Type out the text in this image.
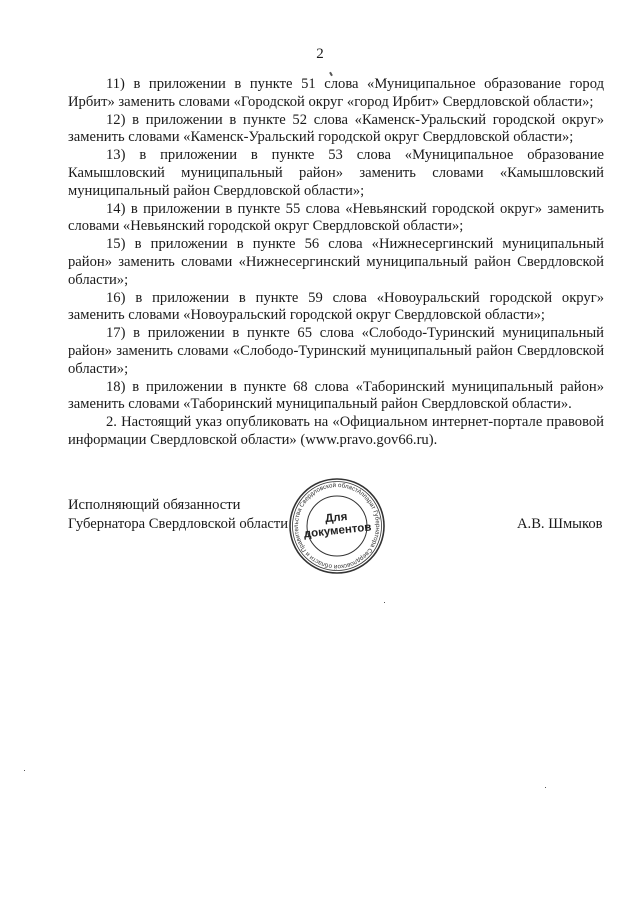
2

11) в приложении в пункте 51 слова «Муниципальное образование город Ирбит» заменить словами «Городской округ «город Ирбит» Свердловской области»;

12) в приложении в пункте 52 слова «Каменск-Уральский городской округ» заменить словами «Каменск-Уральский городской округ Свердловской области»;

13) в приложении в пункте 53 слова «Муниципальное образование Камышловский муниципальный район» заменить словами «Камышловский муниципальный район Свердловской области»;

14) в приложении в пункте 55 слова «Невьянский городской округ» заменить словами «Невьянский городской округ Свердловской области»;

15) в приложении в пункте 56 слова «Нижнесергинский муниципальный район» заменить словами «Нижнесергинский муниципальный район Свердловской области»;

16) в приложении в пункте 59 слова «Новоуральский городской округ» заменить словами «Новоуральский городской округ Свердловской области»;

17) в приложении в пункте 65 слова «Слободо-Туринский муниципальный район» заменить словами «Слободо-Туринский муниципальный район Свердловской области»;

18) в приложении в пункте 68 слова «Таборинский муниципальный район» заменить словами «Таборинский муниципальный район Свердловской области».

2. Настоящий указ опубликовать на «Официальном интернет-портале правовой информации Свердловской области» (www.pravo.gov66.ru).

Исполняющий обязанности
Губернатора Свердловской области
Аппарат Губернатора Свердловской области и Правительства Свердловской области
Для
документов	А.В. Шмыков
